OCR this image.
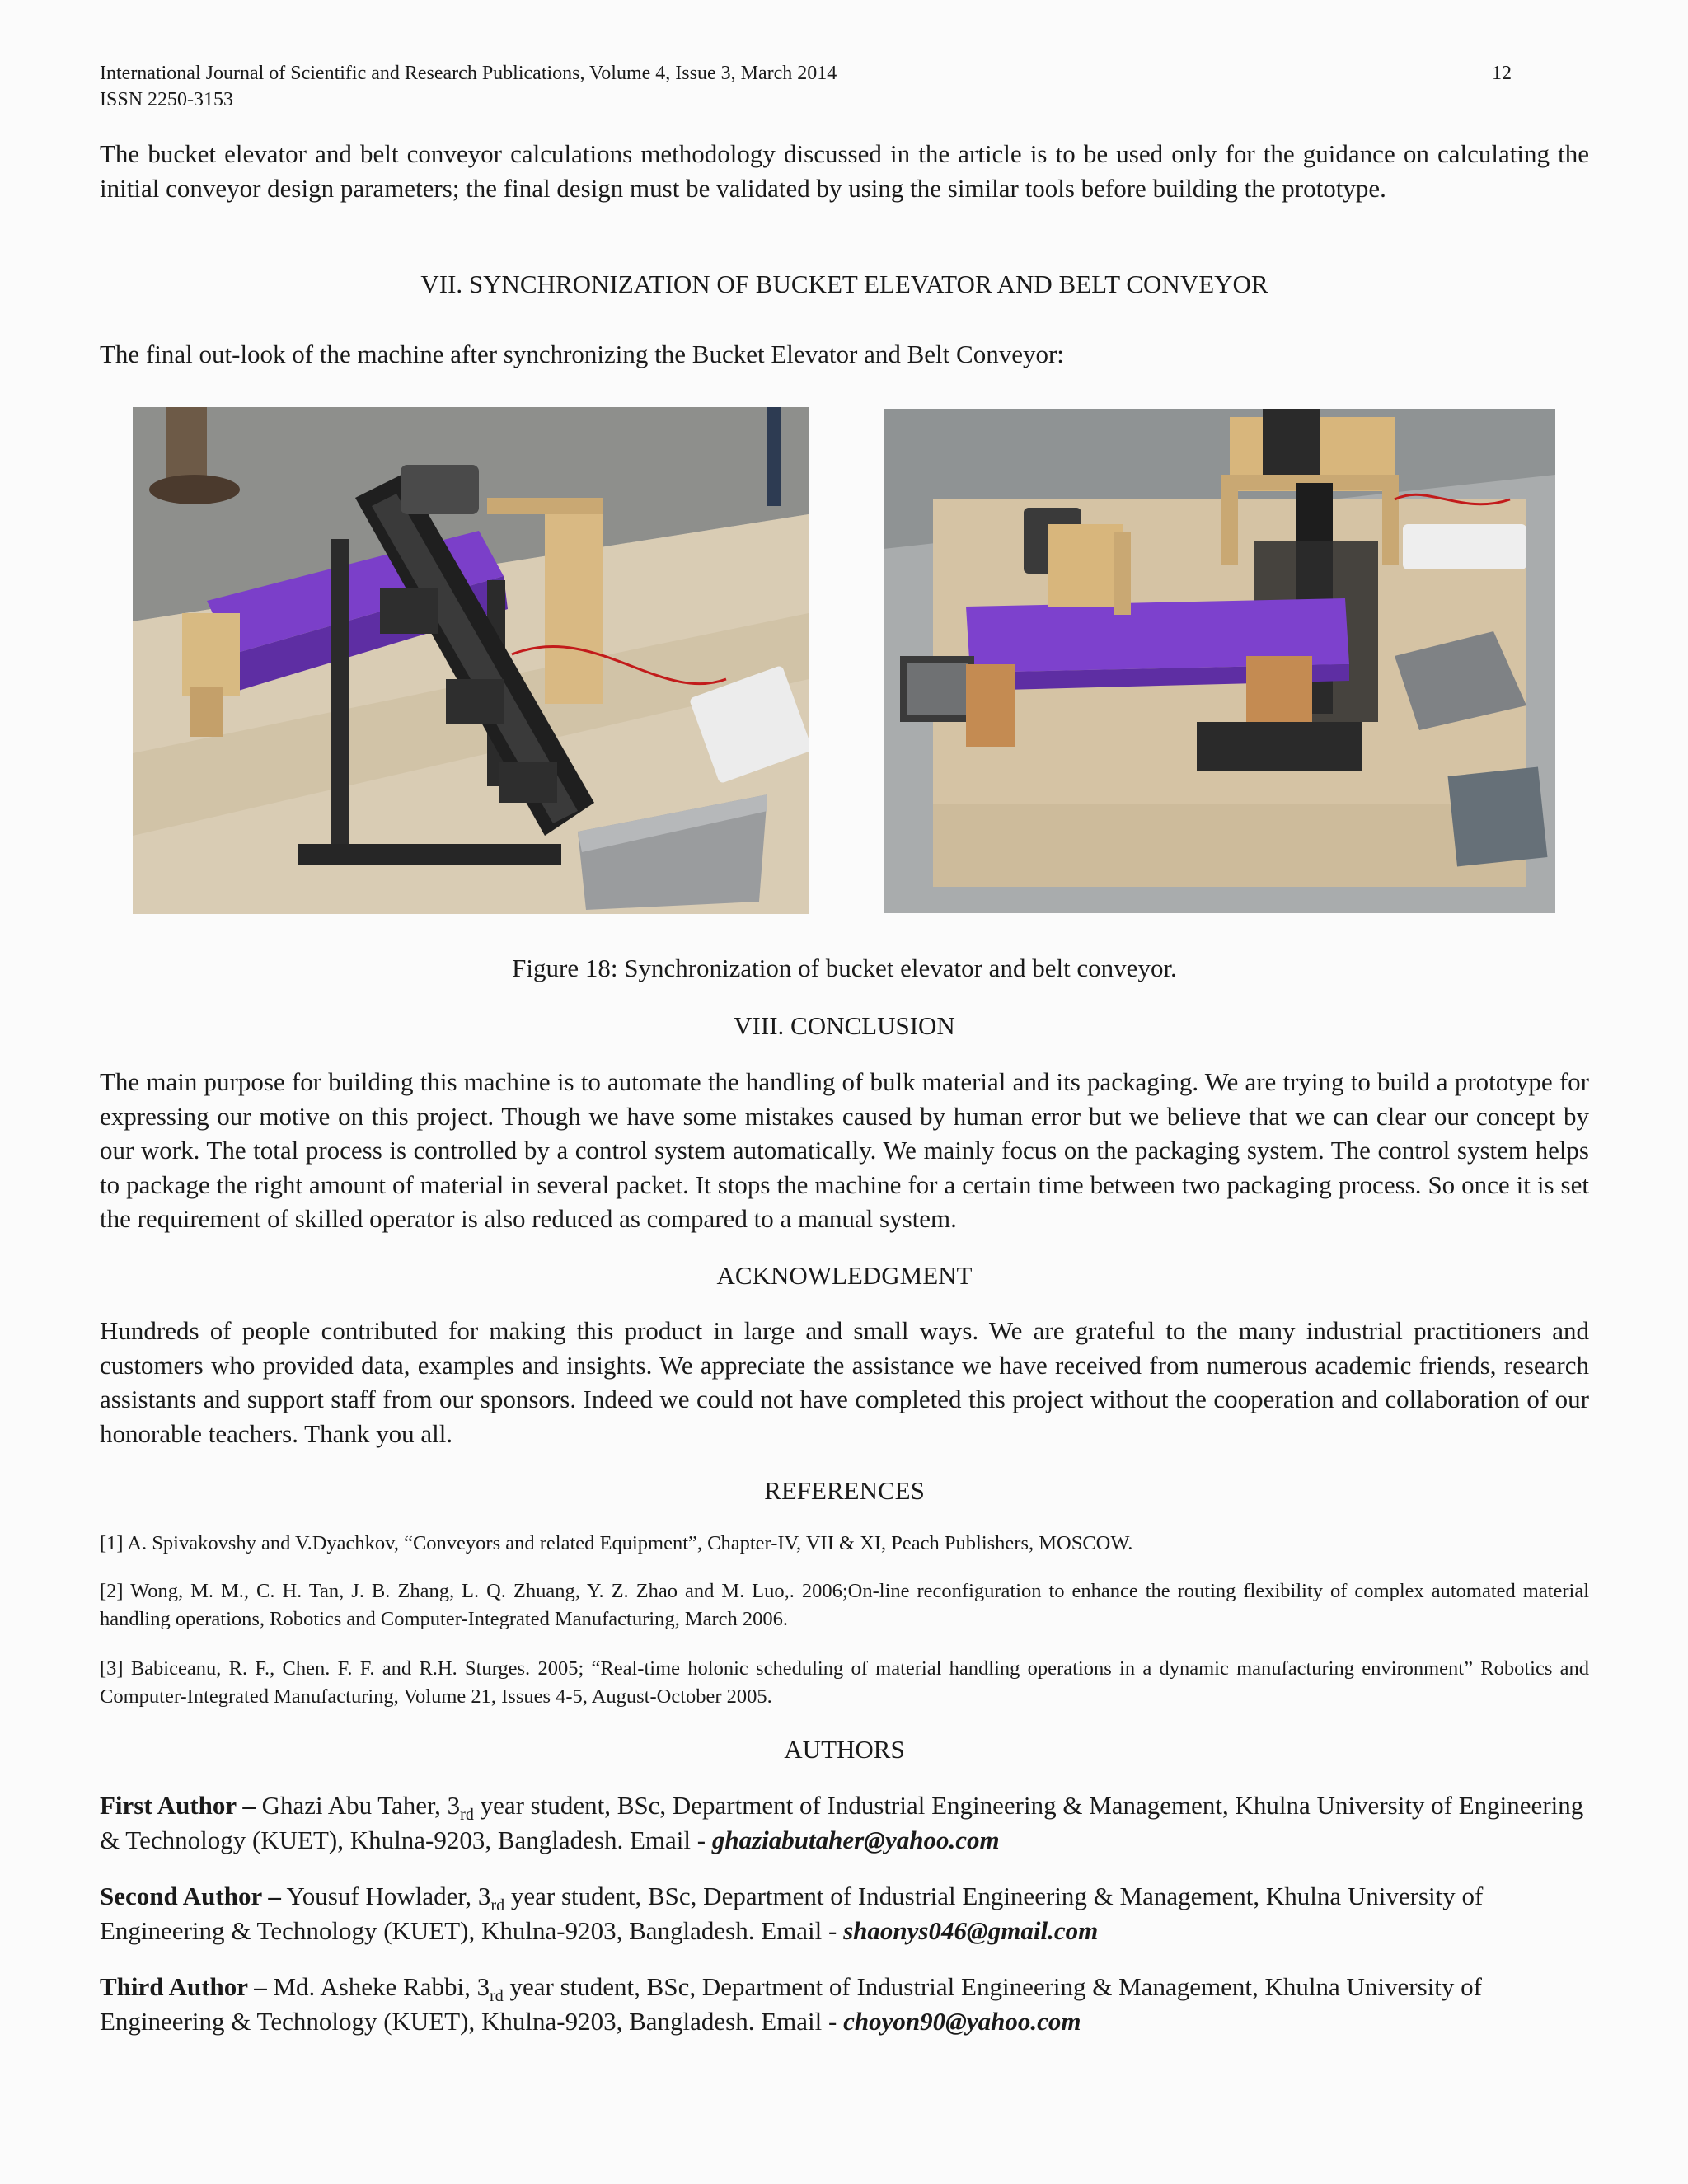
International Journal of Scientific and Research Publications, Volume 4, Issue 3, March 2014
ISSN 2250-3153
12

The bucket elevator and belt conveyor calculations methodology discussed in the article is to be used only for the guidance on calculating the initial conveyor design parameters; the final design must be validated by using the similar tools before building the prototype.

VII. SYNCHRONIZATION OF BUCKET ELEVATOR AND BELT CONVEYOR

The final out-look of the machine after synchronizing the Bucket Elevator and Belt Conveyor:

Figure 18: Synchronization of bucket elevator and belt conveyor.
VIII. CONCLUSION

The main purpose for building this machine is to automate the handling of bulk material and its packaging. We are trying to build a prototype for expressing our motive on this project. Though we have some mistakes caused by human error but we believe that we can clear our concept by our work. The total process is controlled by a control system automatically. We mainly focus on the packaging system. The control system helps to package the right amount of material in several packet. It stops the machine for a certain time between two packaging process. So once it is set the requirement of skilled operator is also reduced as compared to a manual system.

ACKNOWLEDGMENT

Hundreds of people contributed for making this product in large and small ways. We are grateful to the many industrial practitioners and customers who provided data, examples and insights. We appreciate the assistance we have received from numerous academic friends, research assistants and support staff from our sponsors. Indeed we could not have completed this project without the cooperation and collaboration of our honorable teachers. Thank you all.

REFERENCES

[1] A. Spivakovshy and V.Dyachkov, “Conveyors and related Equipment”, Chapter-IV, VII & XI, Peach Publishers, MOSCOW.

[2] Wong, M. M., C. H. Tan, J. B. Zhang, L. Q. Zhuang, Y. Z. Zhao and M. Luo,. 2006;On-line reconfiguration to enhance the routing flexibility of complex automated material handling operations, Robotics and Computer-Integrated Manufacturing, March 2006.

[3] Babiceanu, R. F., Chen. F. F. and R.H. Sturges. 2005; “Real-time holonic scheduling of material handling operations in a dynamic manufacturing environment” Robotics and Computer-Integrated Manufacturing, Volume 21, Issues 4-5, August-October 2005.

AUTHORS

First Author – Ghazi Abu Taher, $3_{rd}$ year student, BSc, Department of Industrial Engineering & Management, Khulna University of Engineering & Technology (KUET), Khulna-9203, Bangladesh. Email - ghaziabutaher@yahoo.com

Second Author – Yousuf Howlader, $3_{rd}$ year student, BSc, Department of Industrial Engineering & Management, Khulna University of Engineering & Technology (KUET), Khulna-9203, Bangladesh. Email - shaonys046@gmail.com

Third Author – Md. Asheke Rabbi, $3_{rd}$ year student, BSc, Department of Industrial Engineering & Management, Khulna University of Engineering & Technology (KUET), Khulna-9203, Bangladesh. Email - choyon90@yahoo.com
